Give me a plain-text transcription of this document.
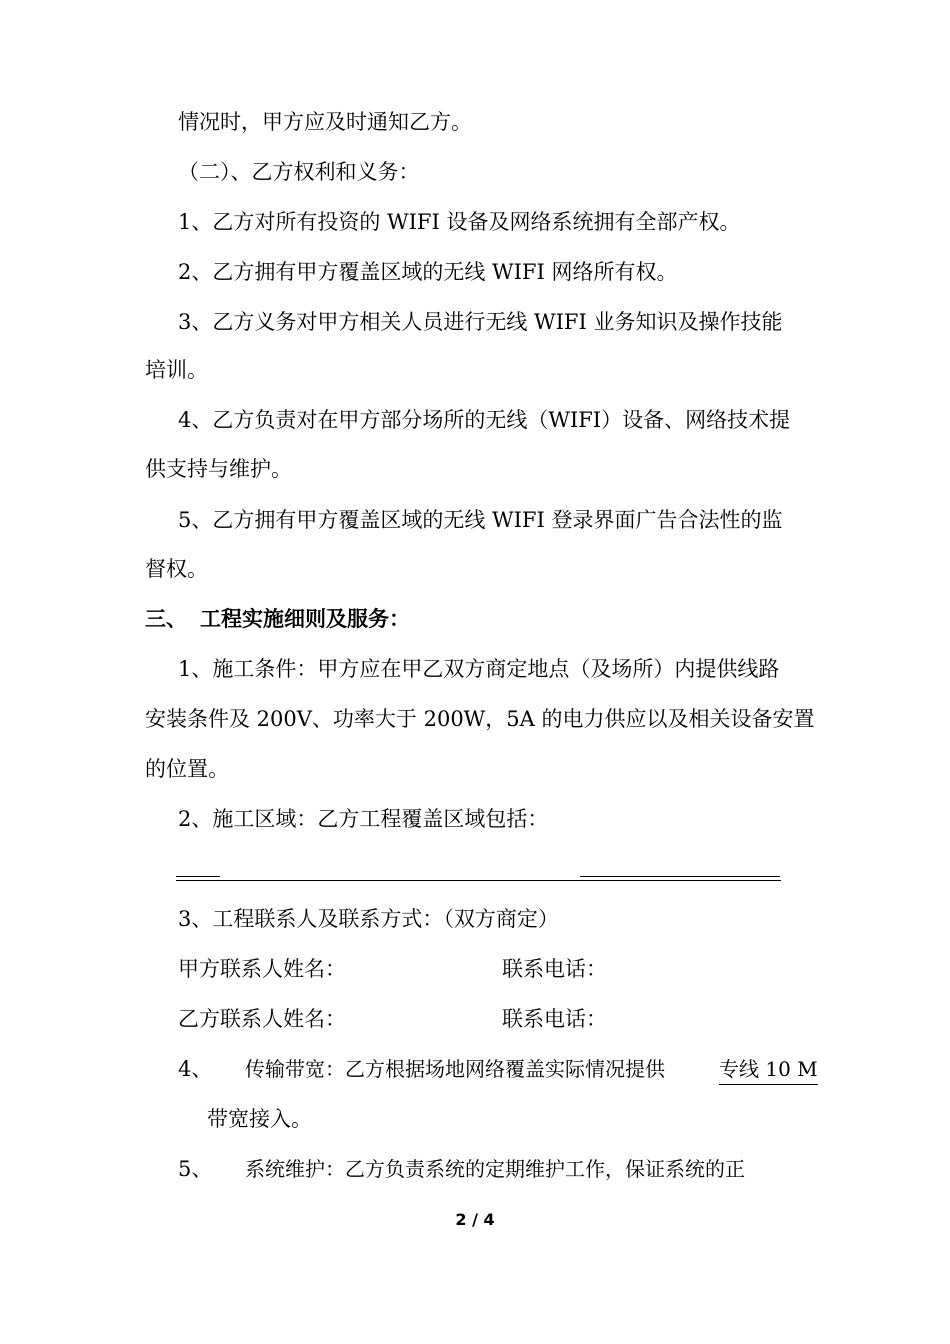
情况时，甲方应及时通知乙方。
（二）、乙方权利和义务：
1、乙方对所有投资的 WIFI 设备及网络系统拥有全部产权。
2、乙方拥有甲方覆盖区域的无线 WIFI 网络所有权。
3、乙方义务对甲方相关人员进行无线 WIFI 业务知识及操作技能
培训。
4、乙方负责对在甲方部分场所的无线（WIFI）设备、网络技术提
供支持与维护。
5、乙方拥有甲方覆盖区域的无线 WIFI 登录界面广告合法性的监
督权。
三、 工程实施细则及服务：
1、施工条件：甲方应在甲乙双方商定地点（及场所）内提供线路
安装条件及 200V、功率大于 200W，5A 的电力供应以及相关设备安置
的位置。
2、施工区域：乙方工程覆盖区域包括：
3、工程联系人及联系方式：（双方商定）
甲方联系人姓名：	联系电话：
乙方联系人姓名：	联系电话：
4、 传输带宽：乙方根据场地网络覆盖实际情况提供	专线 10 M
带宽接入。
5、 系统维护：乙方负责系统的定期维护工作，保证系统的正
2 / 4
